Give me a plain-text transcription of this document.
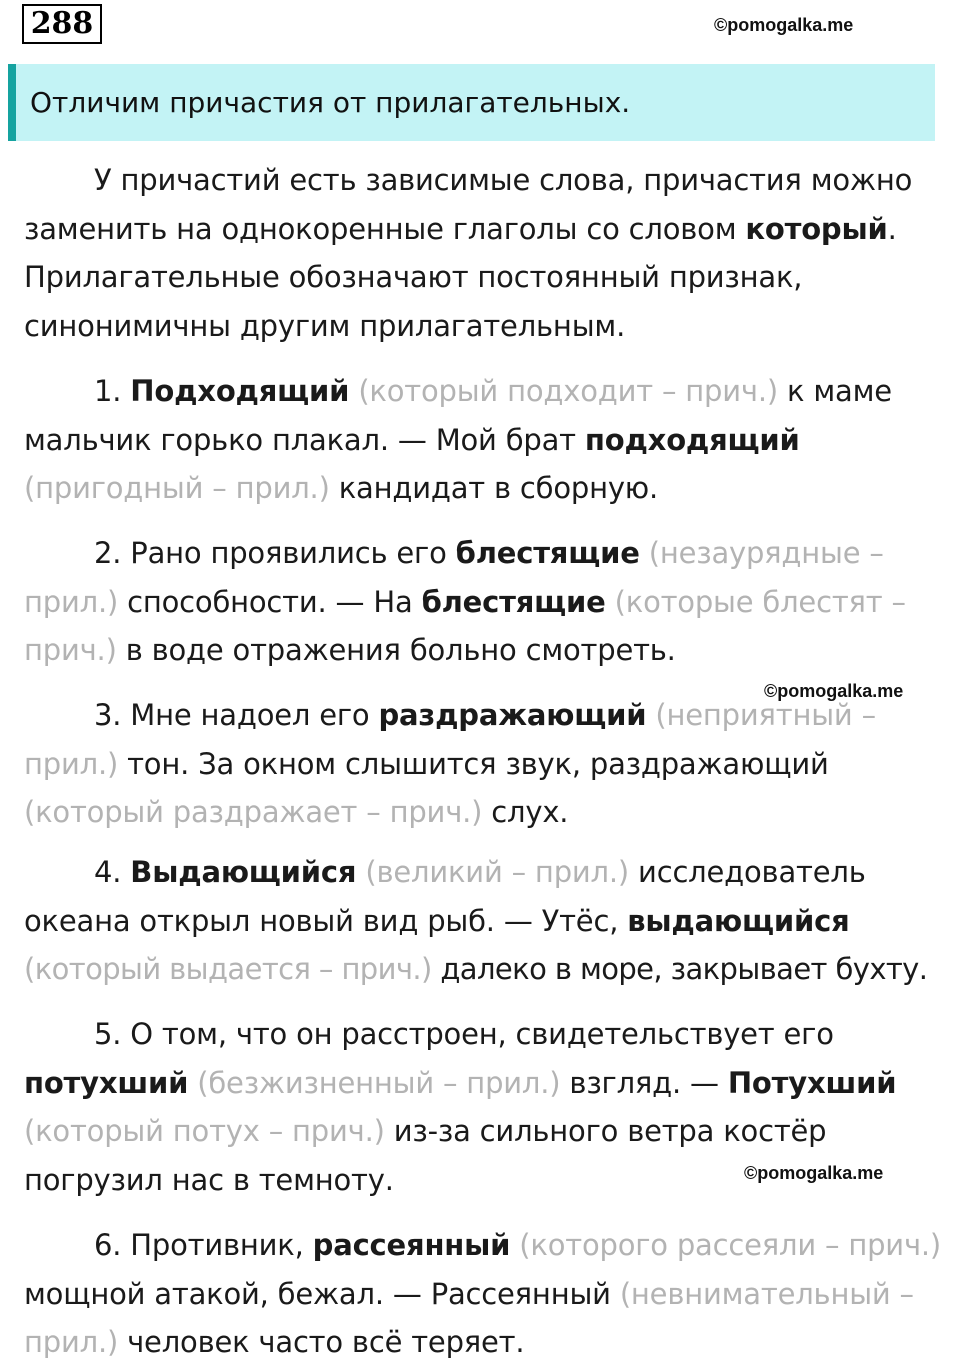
288	©pomogalka.me
Отличим причастия от прилагательных.
У причастий есть зависимые слова, причастия можно
заменить на однокоренные глаголы со словом который.
Прилагательные обозначают постоянный признак,
синонимичны другим прилагательным.
1. Подходящий (который подходит – прич.) к маме
мальчик горько плакал. — Мой брат подходящий
(пригодный – прил.) кандидат в сборную.
2. Рано проявились его блестящие (незаурядные –
прил.) способности. — На блестящие (которые блестят –
прич.) в воде отражения больно смотреть.
©pomogalka.me
3. Мне надоел его раздражающий (неприятный –
прил.) тон. За окном слышится звук, раздражающий
(который раздражает – прич.) слух.
4. Выдающийся (великий – прил.) исследователь
океана открыл новый вид рыб. — Утёс, выдающийся
(который выдается – прич.) далеко в море, закрывает бухту.
5. О том, что он расстроен, свидетельствует его
потухший (безжизненный – прил.) взгляд. — Потухший
(который потух – прич.) из-за сильного ветра костёр
погрузил нас в темноту.	©pomogalka.me
6. Противник, рассеянный (которого рассеяли – прич.)
мощной атакой, бежал. — Рассеянный (невнимательный –
прил.) человек часто всё теряет.
